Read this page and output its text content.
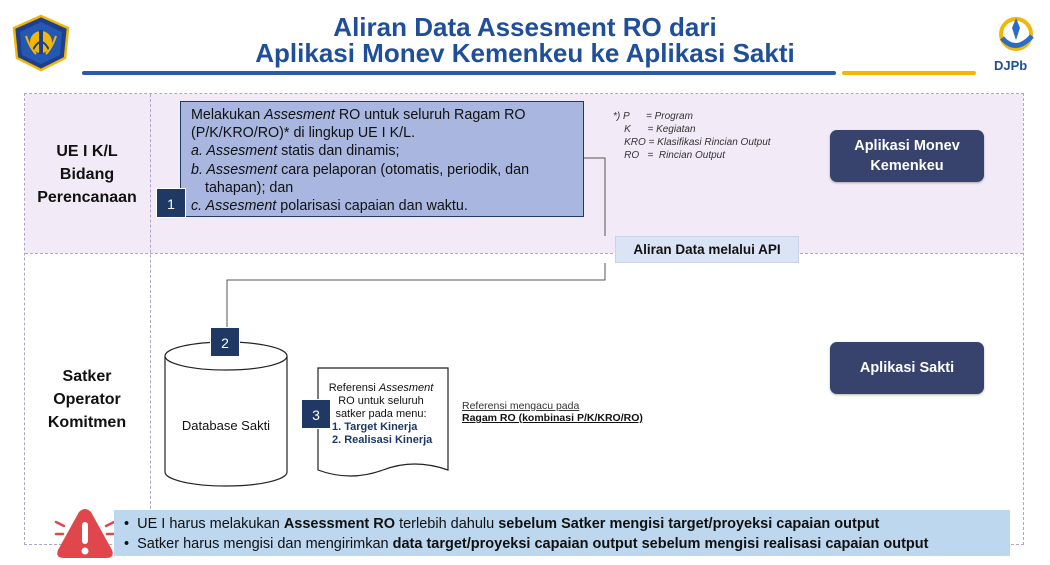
Aliran Data Assesment RO dari
Aplikasi Monev Kemenkeu ke Aplikasi Sakti	DJPb
UE I K/L
Bidang
Perencanaan
Satker
Operator
Komitmen
Melakukan Assesment RO untuk seluruh Ragam RO
(P/K/KRO/RO)* di lingkup UE I K/L.
a. Assesment statis dan dinamis;
b. Assesment cara pelaporan (otomatis, periodik, dan
tahapan); dan
c. Assesment polarisasi capaian dan waktu.
1
*) P      = Program
K      = Kegiatan
KRO = Klasifikasi Rincian Output
RO   =  Rincian Output
Aplikasi Monev
Kemenkeu
Aplikasi Sakti
Aliran Data melalui API
2
Database Sakti
Referensi Assesment
RO untuk seluruh
satker pada menu:
1. Target Kinerja
2. Realisasi Kinerja
3
Referensi mengacu pada
Ragam RO (kombinasi P/K/KRO/RO)
•  UE I harus melakukan Assessment RO terlebih dahulu sebelum Satker mengisi target/proyeksi capaian output
•  Satker harus mengisi dan mengirimkan data target/proyeksi capaian output sebelum mengisi realisasi capaian output
